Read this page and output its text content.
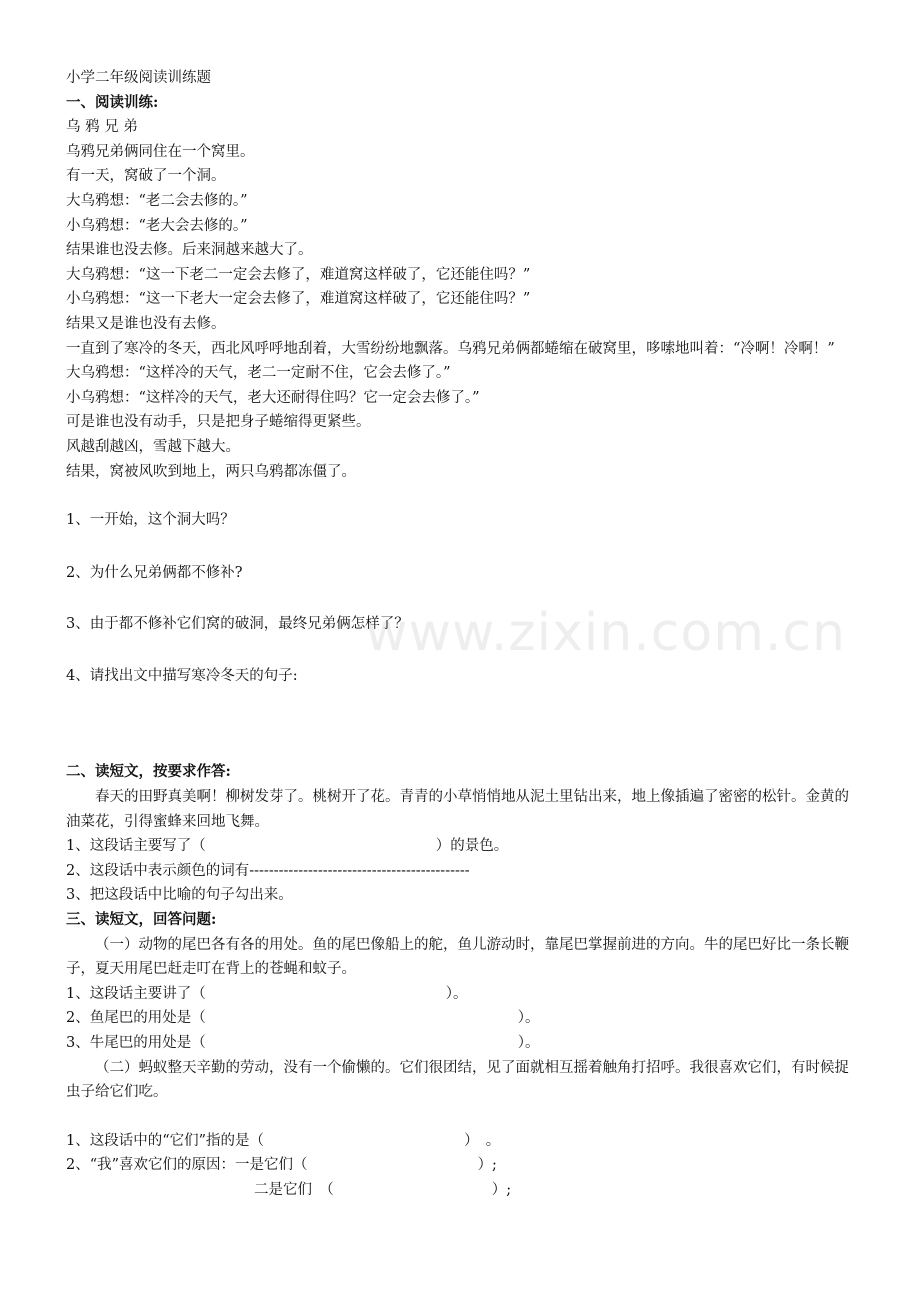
小学二年级阅读训练题
一、阅读训练:
乌 鸦 兄 弟
乌鸦兄弟俩同住在一个窝里。
有一天，窝破了一个洞。
大乌鸦想：“老二会去修的。”
小乌鸦想：“老大会去修的。”
结果谁也没去修。后来洞越来越大了。
大乌鸦想：“这一下老二一定会去修了，难道窝这样破了，它还能住吗？”
小乌鸦想：“这一下老大一定会去修了，难道窝这样破了，它还能住吗？”
结果又是谁也没有去修。
一直到了寒冷的冬天，西北风呼呼地刮着，大雪纷纷地飘落。乌鸦兄弟俩都蜷缩在破窝里，哆嗦地叫着：“冷啊！冷啊！”
大乌鸦想：“这样冷的天气，老二一定耐不住，它会去修了。”
小乌鸦想：“这样冷的天气，老大还耐得住吗？它一定会去修了。”
可是谁也没有动手，只是把身子蜷缩得更紧些。
风越刮越凶，雪越下越大。
结果，窝被风吹到地上，两只乌鸦都冻僵了。
1、一开始，这个洞大吗？
2、为什么兄弟俩都不修补?
3、由于都不修补它们窝的破洞，最终兄弟俩怎样了？
4、请找出文中描写寒冷冬天的句子:
二、读短文，按要求作答:
春天的田野真美啊！柳树发芽了。桃树开了花。青青的小草悄悄地从泥土里钻出来，地上像插遍了密密的松针。金黄的油菜花，引得蜜蜂来回地飞舞。
1、这段话主要写了（	）的景色。
2、这段话中表示颜色的词有---------------------------------------------
3、把这段话中比喻的句子勾出来。
三、读短文，回答问题:
（一）动物的尾巴各有各的用处。鱼的尾巴像船上的舵，鱼儿游动时，靠尾巴掌握前进的方向。牛的尾巴好比一条长鞭子，夏天用尾巴赶走叮在背上的苍蝇和蚊子。
1、这段话主要讲了（	）。
2、鱼尾巴的用处是（	）。
3、牛尾巴的用处是（	）。
（二）蚂蚁整天辛勤的劳动，没有一个偷懒的。它们很团结，见了面就相互摇着触角打招呼。我很喜欢它们，有时候捉虫子给它们吃。
1、这段话中的“它们”指的是（	）　。
2、“我”喜欢它们的原因：一是它们（	）;
二是它们　（	）;
www.zixin.com.cn
